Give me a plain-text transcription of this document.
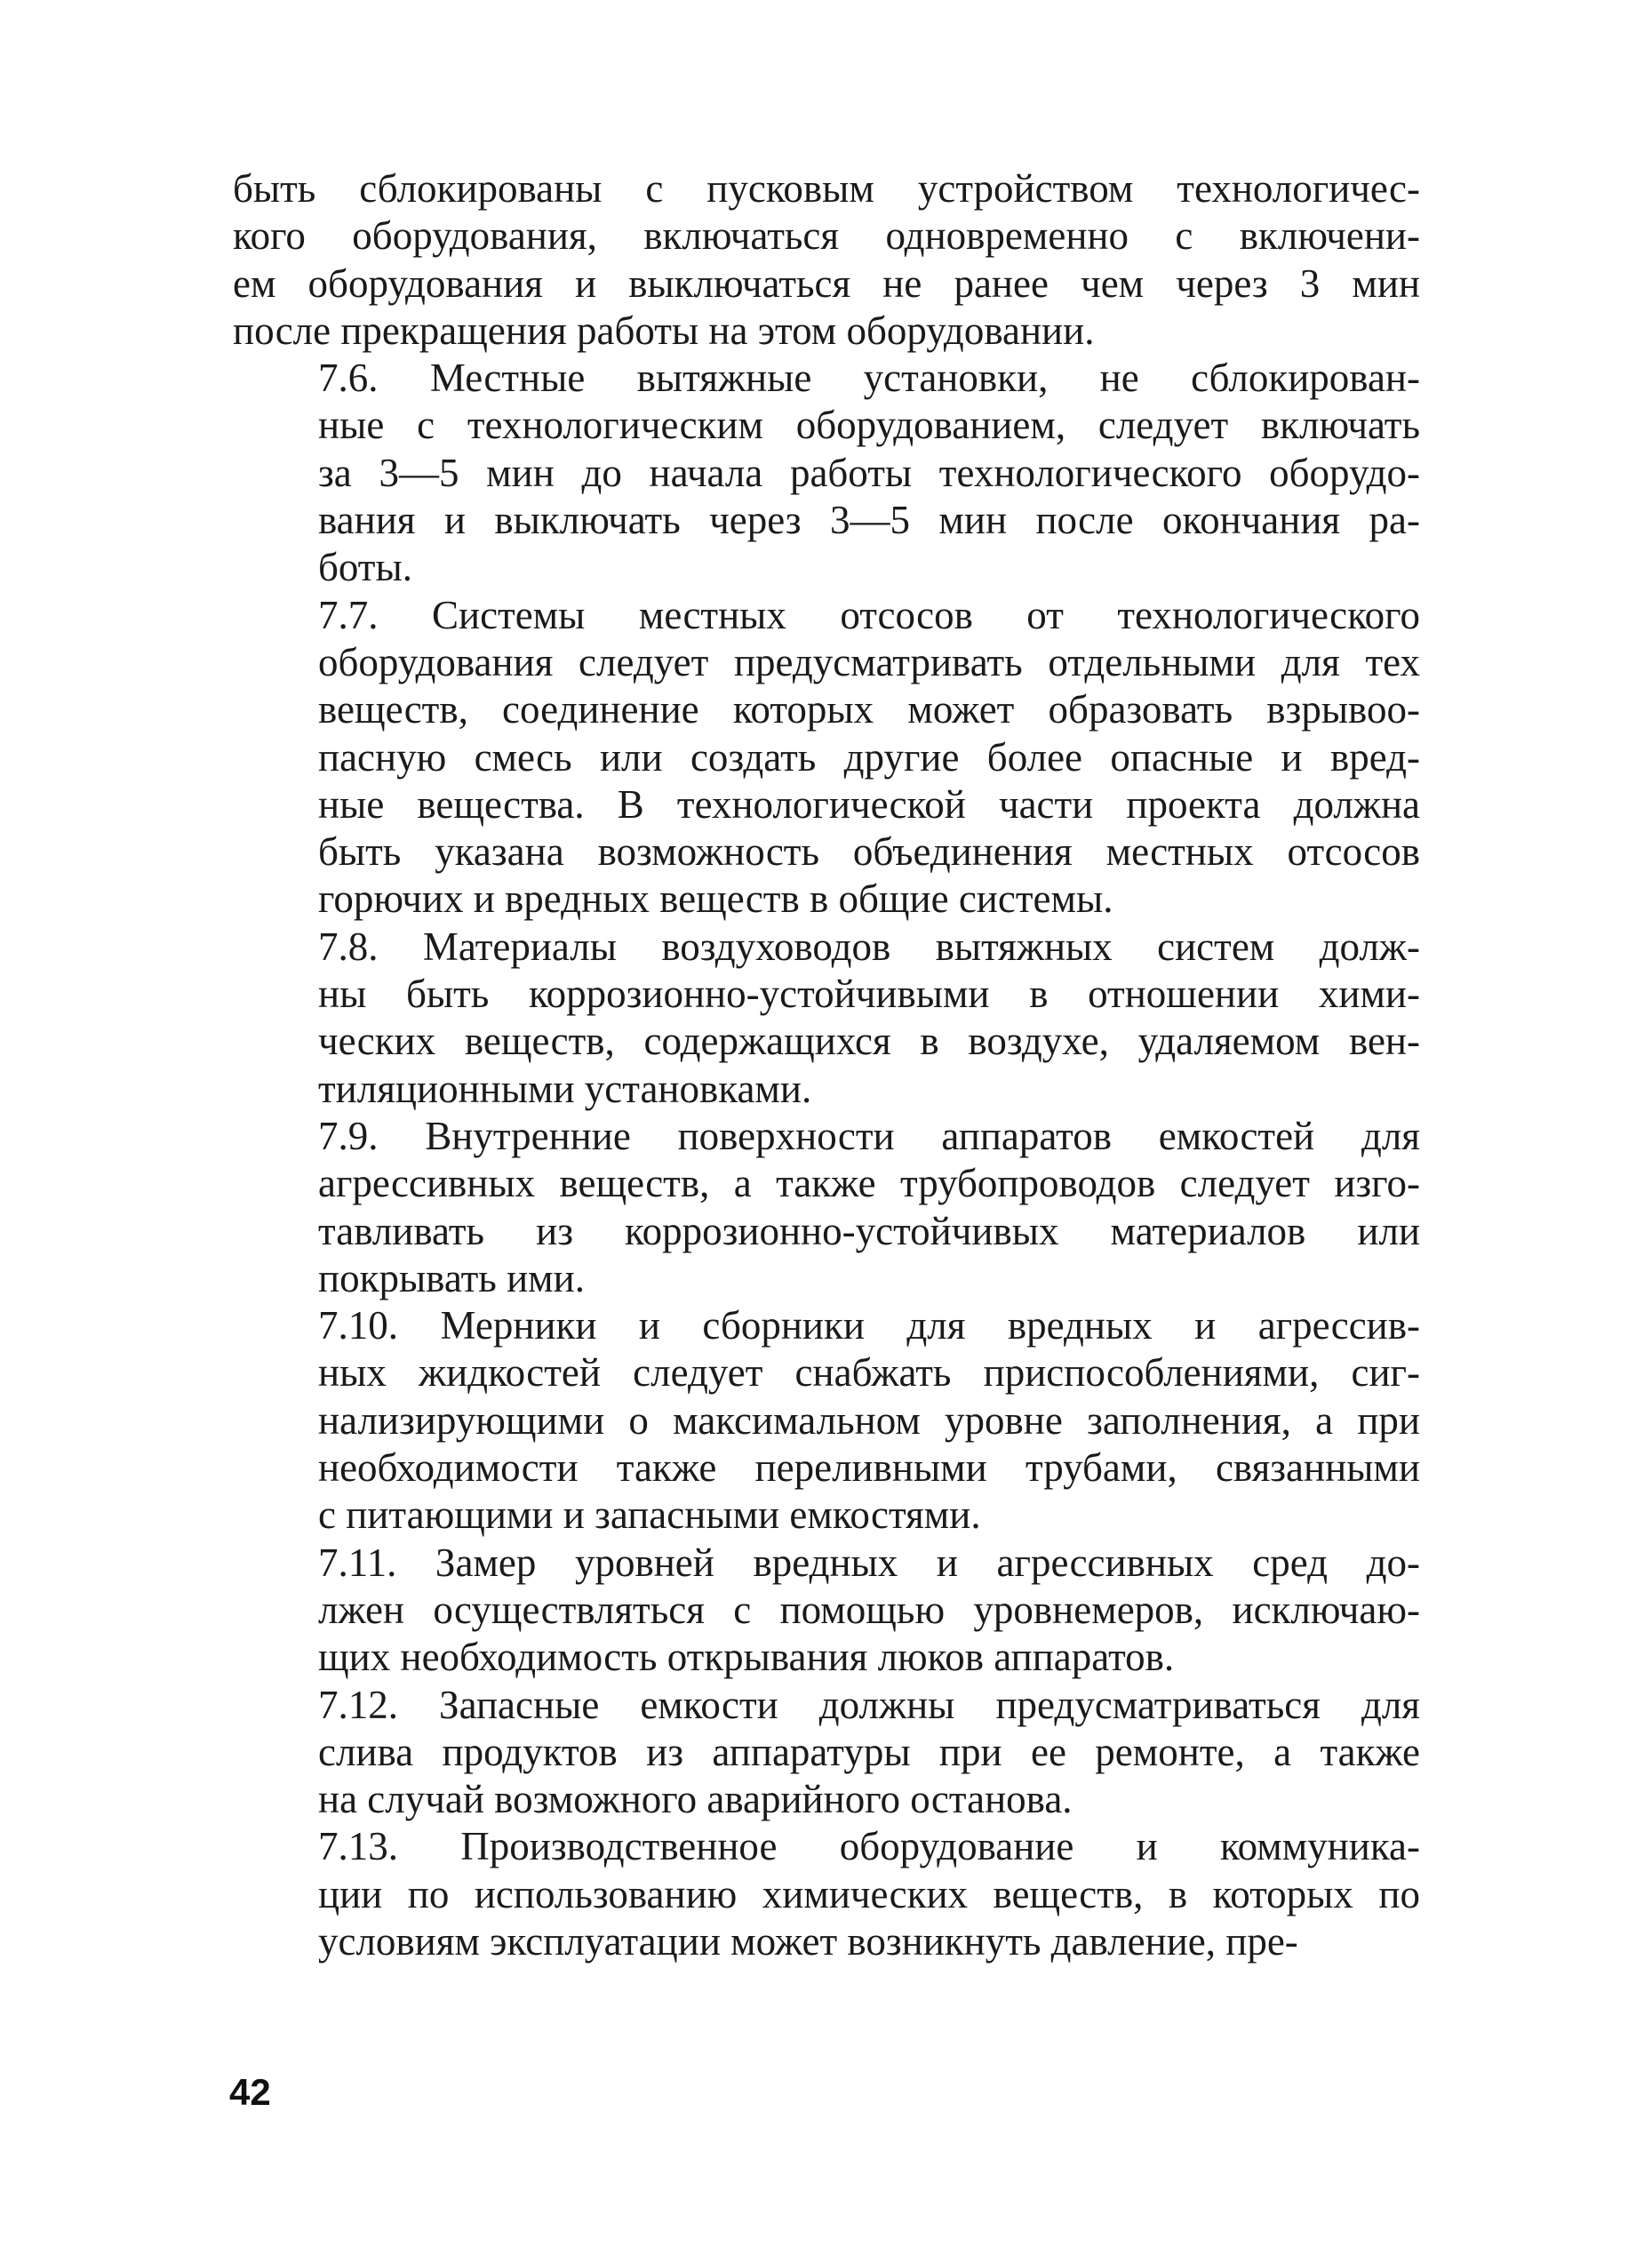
быть сблокированы с пусковым устройством технологичес-
кого оборудования, включаться одновременно с включени-
ем оборудования и выключаться не ранее чем через 3 мин
после прекращения работы на этом оборудовании.

7.6. Местные вытяжные установки, не сблокирован-
ные с технологическим оборудованием, следует включать
за 3—5 мин до начала работы технологического оборудо-
вания и выключать через 3—5 мин после окончания ра-
боты.

7.7. Системы местных отсосов от технологического
оборудования следует предусматривать отдельными для тех
веществ, соединение которых может образовать взрывоо-
пасную смесь или создать другие более опасные и вред-
ные вещества. В технологической части проекта должна
быть указана возможность объединения местных отсосов
горючих и вредных веществ в общие системы.

7.8. Материалы воздуховодов вытяжных систем долж-
ны быть коррозионно-устойчивыми в отношении хими-
ческих веществ, содержащихся в воздухе, удаляемом вен-
тиляционными установками.

7.9. Внутренние поверхности аппаратов емкостей для
агрессивных веществ, а также трубопроводов следует изго-
тавливать из коррозионно-устойчивых материалов или
покрывать ими.

7.10. Мерники и сборники для вредных и агрессив-
ных жидкостей следует снабжать приспособлениями, сиг-
нализирующими о максимальном уровне заполнения, а при
необходимости также переливными трубами, связанными
с питающими и запасными емкостями.

7.11. Замер уровней вредных и агрессивных сред до-
лжен осуществляться с помощью уровнемеров, исключаю-
щих необходимость открывания люков аппаратов.

7.12. Запасные емкости должны предусматриваться для
слива продуктов из аппаратуры при ее ремонте, а также
на случай возможного аварийного останова.

7.13. Производственное оборудование и коммуника-
ции по использованию химических веществ, в которых по
условиям эксплуатации может возникнуть давление, пре-

42
